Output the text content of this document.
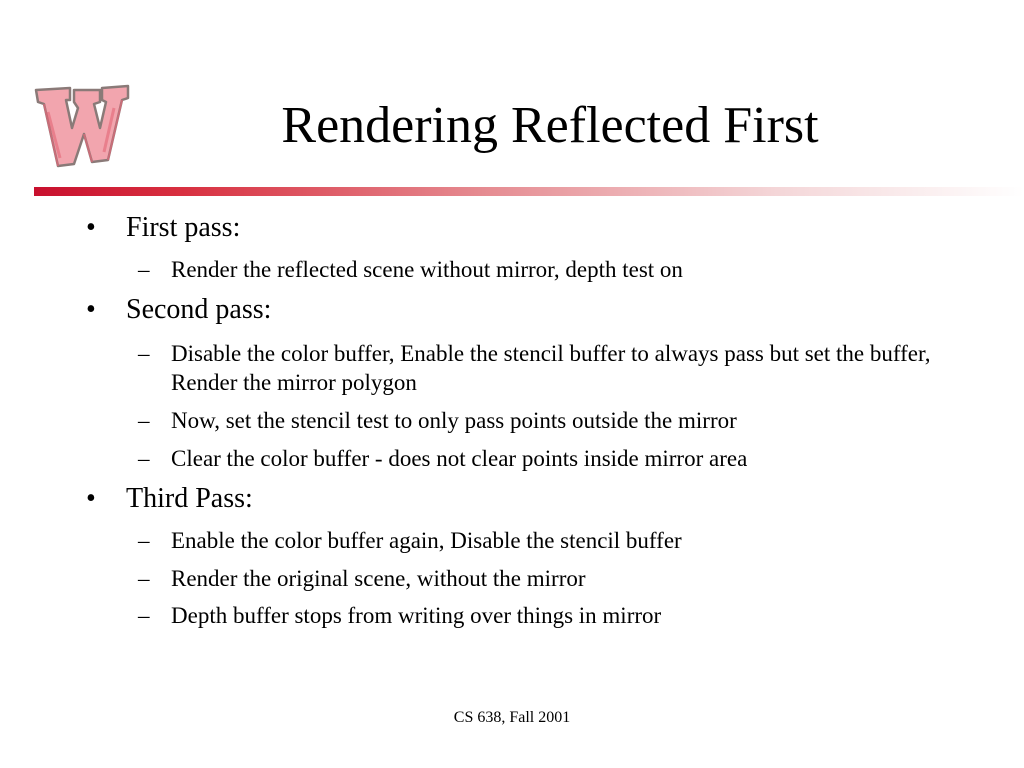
Rendering Reflected First
• First pass:
– Render the reflected scene without mirror, depth test on
• Second pass:
– Disable the color buffer, Enable the stencil buffer to always pass but set the buffer, Render the mirror polygon
– Now, set the stencil test to only pass points outside the mirror
– Clear the color buffer - does not clear points inside mirror area
• Third Pass:
– Enable the color buffer again, Disable the stencil buffer
– Render the original scene, without the mirror
– Depth buffer stops from writing over things in mirror
CS 638, Fall 2001
